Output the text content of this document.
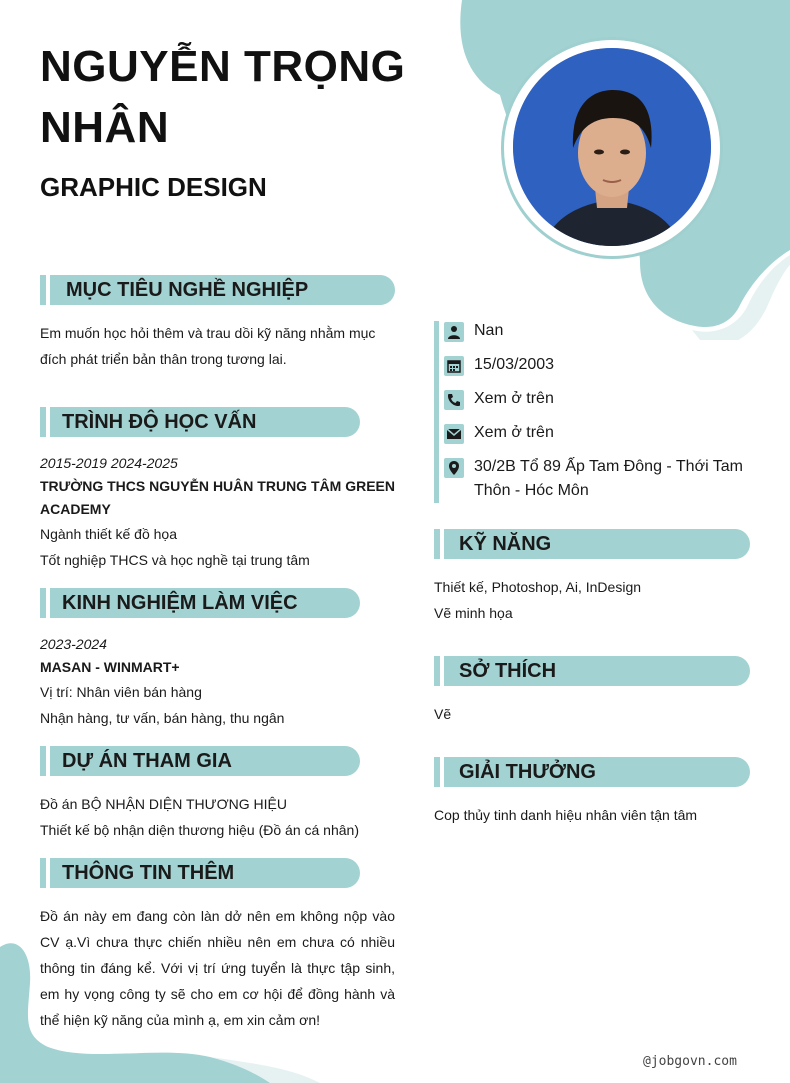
NGUYỄN TRỌNG NHÂN
GRAPHIC DESIGN
Nan
15/03/2003
Xem ở trên
Xem ở trên
30/2B Tổ 89 Ấp Tam Đông - Thới Tam Thôn - Hóc Môn
MỤC TIÊU NGHỀ NGHIỆP
Em muốn học hỏi thêm và trau dồi kỹ năng nhằm mục đích phát triển bản thân trong tương lai.
TRÌNH ĐỘ HỌC VẤN
2015-2019 2024-2025
TRƯỜNG THCS NGUYỄN HUÂN TRUNG TÂM GREEN ACADEMY
Ngành thiết kế đồ họa
Tốt nghiệp THCS và học nghề tại trung tâm
KINH NGHIỆM LÀM VIỆC
2023-2024
MASAN - WINMART+
Vị trí: Nhân viên bán hàng
Nhận hàng, tư vấn, bán hàng, thu ngân
DỰ ÁN THAM GIA
Đồ án BỘ NHẬN DIỆN THƯƠNG HIỆU
Thiết kế bộ nhận diện thương hiệu (Đồ án cá nhân)
THÔNG TIN THÊM
Đồ án này em đang còn làn dở nên em không nộp vào CV ạ.Vì chưa thực chiến nhiều nên em chưa có nhiều thông tin đáng kể. Với vị trí ứng tuyển là thực tập sinh, em hy vọng công ty sẽ cho em cơ hội để đồng hành và thể hiện kỹ năng của mình ạ, em xin cảm ơn!
KỸ NĂNG
Thiết kế, Photoshop, Ai, InDesign
Vẽ minh họa
SỞ THÍCH
Vẽ
GIẢI THƯỞNG
Cop thủy tinh danh hiệu nhân viên tận tâm
@jobgovn.com
